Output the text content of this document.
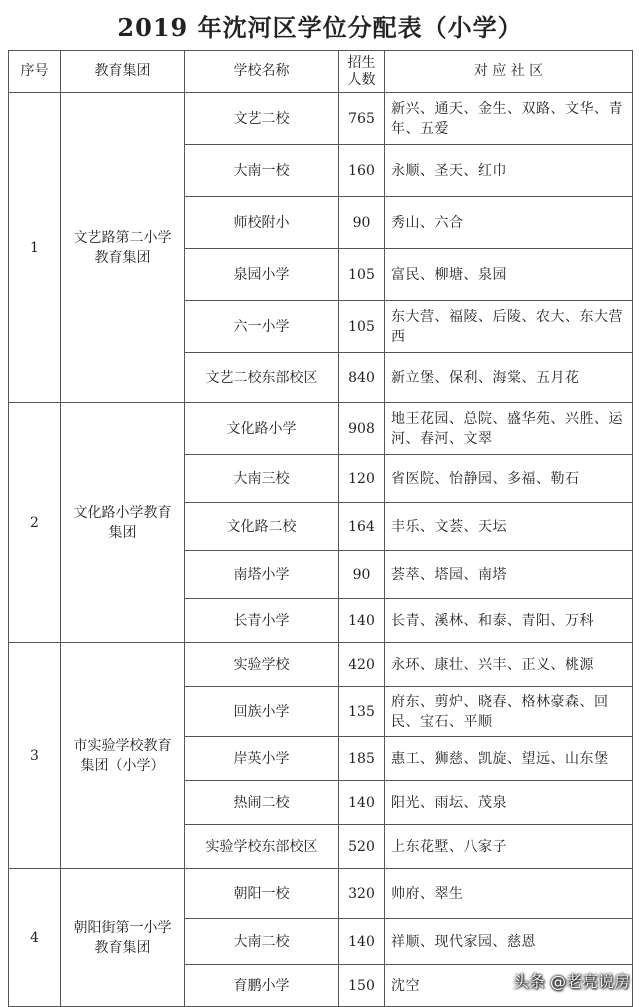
2019 年沈河区学位分配表（小学）
序号	教育集团	学校名称	招生人数	对 应 社 区
1	文艺路第二小学教育集团	文艺二校	765	新兴、通天、金生、双路、文华、青年、五爱
		大南一校	160	永顺、圣天、红巾
		师校附小	90	秀山、六合
		泉园小学	105	富民、柳塘、泉园
		六一小学	105	东大营、福陵、后陵、农大、东大营西
		文艺二校东部校区	840	新立堡、保利、海棠、五月花
2	文化路小学教育集团	文化路小学	908	地王花园、总院、盛华苑、兴胜、运河、春河、文翠
		大南三校	120	省医院、怡静园、多福、勒石
		文化路二校	164	丰乐、文荟、天坛
		南塔小学	90	荟萃、塔园、南塔
		长青小学	140	长青、溪林、和泰、青阳、万科
3	市实验学校教育集团（小学）	实验学校	420	永环、康壮、兴丰、正义、桃源
		回族小学	135	府东、剪炉、晓春、格林豪森、回民、宝石、平顺
		岸英小学	185	惠工、狮慈、凯旋、望远、山东堡
		热闹二校	140	阳光、雨坛、茂泉
		实验学校东部校区	520	上东花墅、八家子
4	朝阳街第一小学教育集团	朝阳一校	320	帅府、翠生
		大南二校	140	祥顺、现代家园、慈恩
		育鹏小学	150	沈空	头条 @老亮说房
